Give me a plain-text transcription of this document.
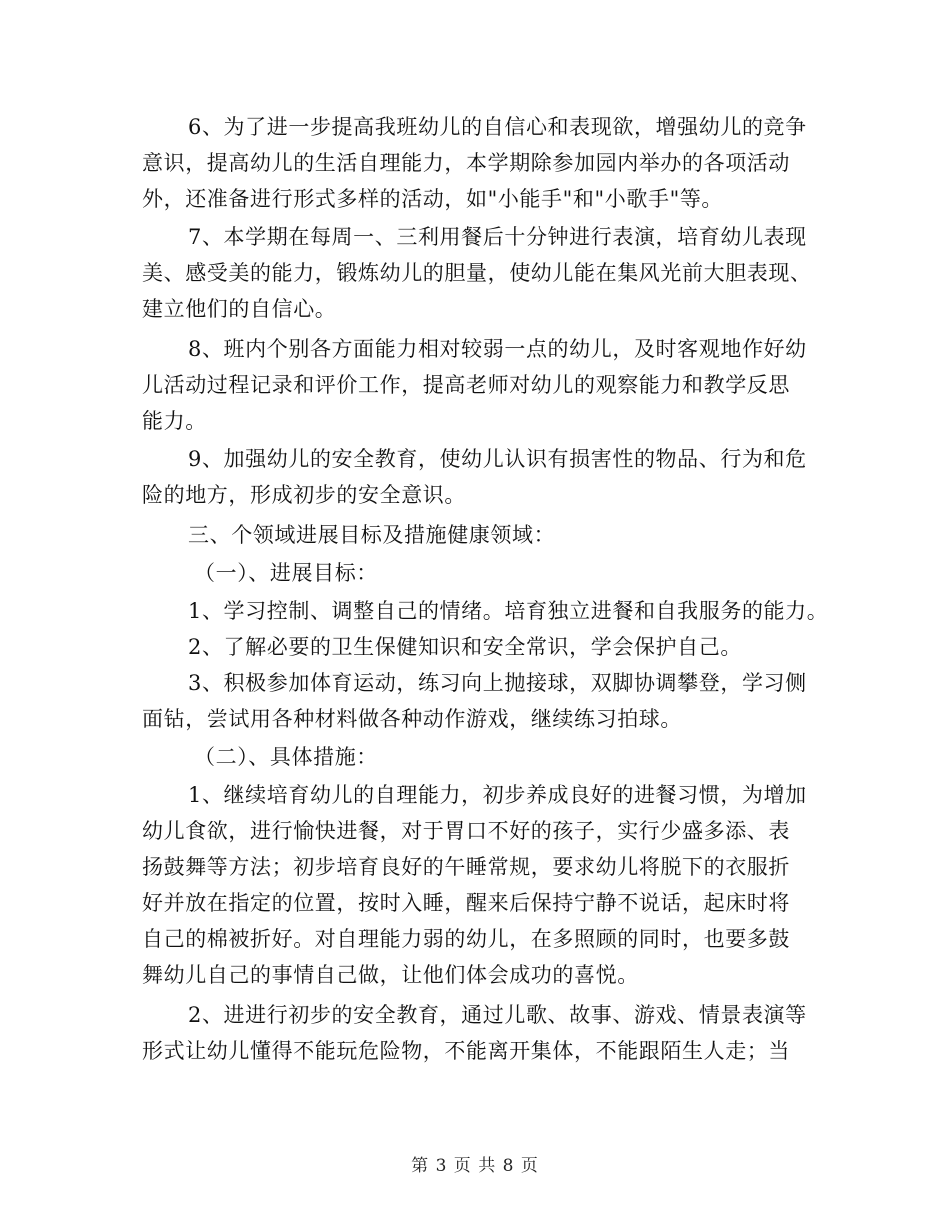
6、为了进一步提高我班幼儿的自信心和表现欲，增强幼儿的竞争
意识，提高幼儿的生活自理能力，本学期除参加园内举办的各项活动
外，还准备进行形式多样的活动，如"小能手"和"小歌手"等。
7、本学期在每周一、三利用餐后十分钟进行表演，培育幼儿表现
美、感受美的能力，锻炼幼儿的胆量，使幼儿能在集风光前大胆表现、
建立他们的自信心。
8、班内个别各方面能力相对较弱一点的幼儿，及时客观地作好幼
儿活动过程记录和评价工作，提高老师对幼儿的观察能力和教学反思
能力。
9、加强幼儿的安全教育，使幼儿认识有损害性的物品、行为和危
险的地方，形成初步的安全意识。
三、个领域进展目标及措施健康领域：
（一）、进展目标：
1、学习控制、调整自己的情绪。培育独立进餐和自我服务的能力。
2、了解必要的卫生保健知识和安全常识，学会保护自己。
3、积极参加体育运动，练习向上抛接球，双脚协调攀登，学习侧
面钻，尝试用各种材料做各种动作游戏，继续练习拍球。
（二）、具体措施：
1、继续培育幼儿的自理能力，初步养成良好的进餐习惯，为增加
幼儿食欲，进行愉快进餐，对于胃口不好的孩子，实行少盛多添、表
扬鼓舞等方法；初步培育良好的午睡常规，要求幼儿将脱下的衣服折
好并放在指定的位置，按时入睡，醒来后保持宁静不说话，起床时将
自己的棉被折好。对自理能力弱的幼儿，在多照顾的同时，也要多鼓
舞幼儿自己的事情自己做，让他们体会成功的喜悦。
2、进进行初步的安全教育，通过儿歌、故事、游戏、情景表演等
形式让幼儿懂得不能玩危险物，不能离开集体，不能跟陌生人走；当
第 3 页 共 8 页
